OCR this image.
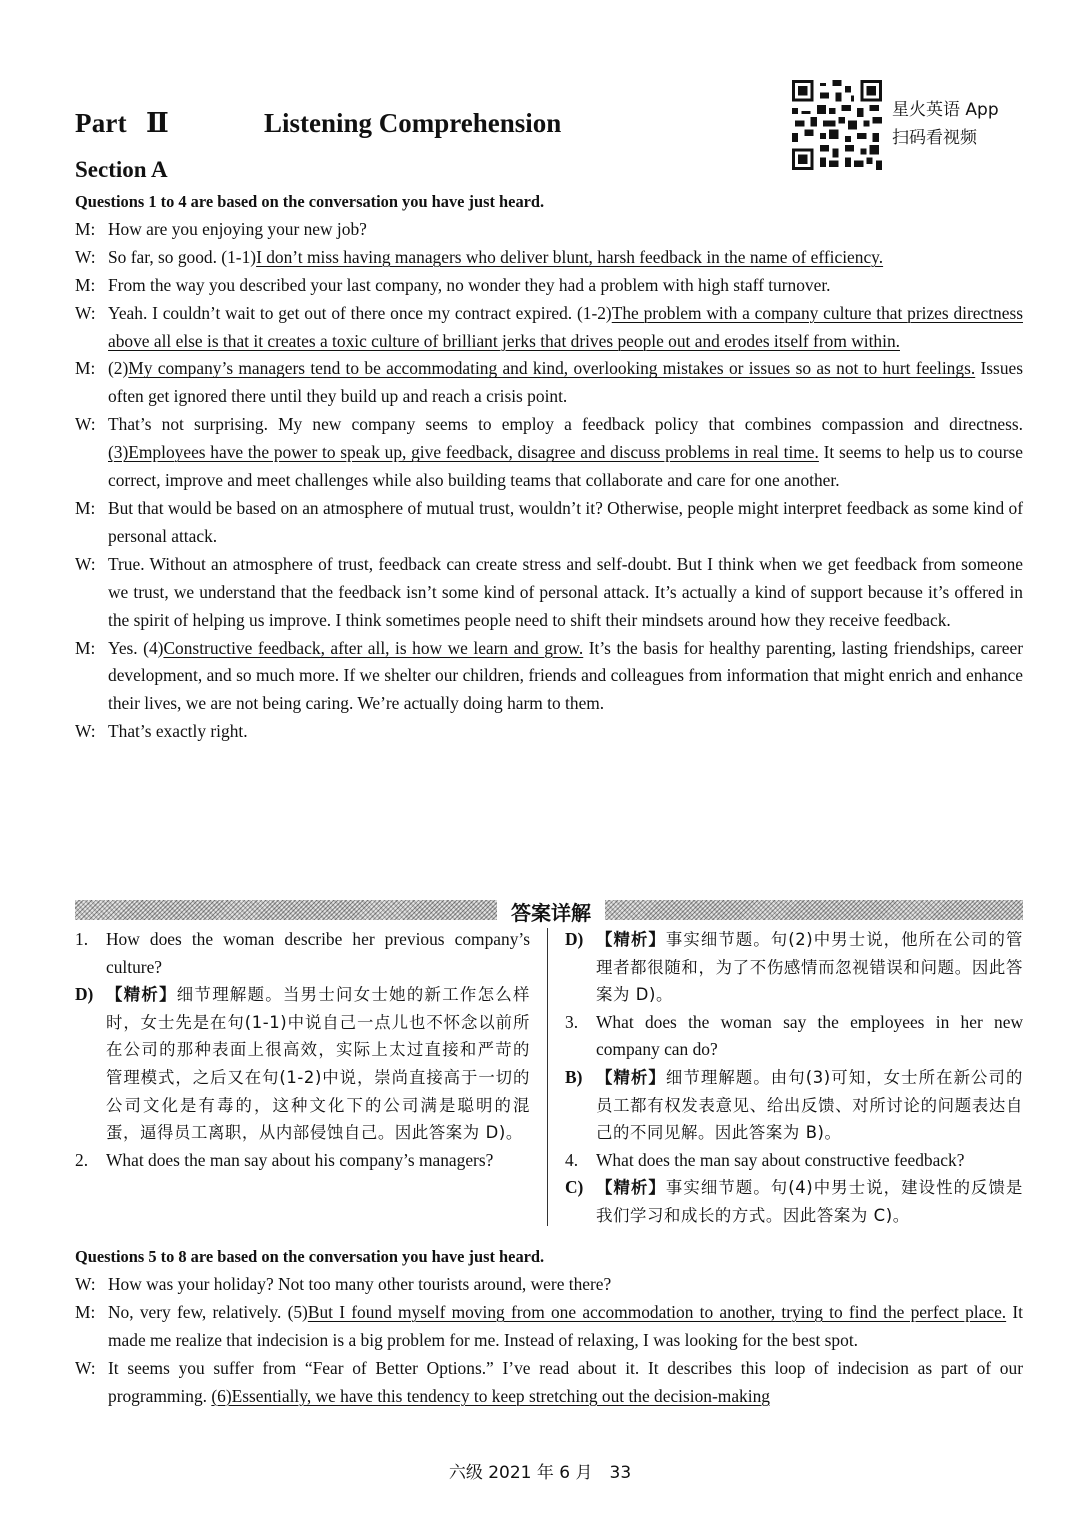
Part Ⅱ	Listening Comprehension
Section A
星火英语 App
扫码看视频
Questions 1 to 4 are based on the conversation you have just heard.
M: How are you enjoying your new job?
W: So far, so good. (1-1)I don’t miss having managers who deliver blunt, harsh feedback in the name of efficiency.
M: From the way you described your last company, no wonder they had a problem with high staff turnover.
W: Yeah. I couldn’t wait to get out of there once my contract expired. (1-2)The problem with a company culture that prizes directness above all else is that it creates a toxic culture of brilliant jerks that drives people out and erodes itself from within.
M: (2)My company’s managers tend to be accommodating and kind, overlooking mistakes or issues so as not to hurt feelings. Issues often get ignored there until they build up and reach a crisis point.
W: That’s not surprising. My new company seems to employ a feedback policy that combines compassion and directness. (3)Employees have the power to speak up, give feedback, disagree and discuss problems in real time. It seems to help us to course correct, improve and meet challenges while also building teams that collaborate and care for one another.
M: But that would be based on an atmosphere of mutual trust, wouldn’t it? Otherwise, people might interpret feedback as some kind of personal attack.
W: True. Without an atmosphere of trust, feedback can create stress and self-doubt. But I think when we get feedback from someone we trust, we understand that the feedback isn’t some kind of personal attack. It’s actually a kind of support because it’s offered in the spirit of helping us improve. I think sometimes people need to shift their mindsets around how they receive feedback.
M: Yes. (4)Constructive feedback, after all, is how we learn and grow. It’s the basis for healthy parenting, lasting friendships, career development, and so much more. If we shelter our children, friends and colleagues from information that might enrich and enhance their lives, we are not being caring. We’re actually doing harm to them.
W: That’s exactly right.
答案详解
1.	How does the woman describe her previous company’s culture?
D) 【精析】细节理解题。当男士问女士她的新工作怎么样时，女士先是在句(1-1)中说自己一点儿也不怀念以前所在公司的那种表面上很高效，实际上太过直接和严苛的管理模式，之后又在句(1-2)中说，崇尚直接高于一切的公司文化是有毒的，这种文化下的公司满是聪明的混蛋，逼得员工离职，从内部侵蚀自己。因此答案为 D)。
2.	What does the man say about his company’s managers?
D) 【精析】事实细节题。句(2)中男士说，他所在公司的管理者都很随和，为了不伤感情而忽视错误和问题。因此答案为 D)。
3.	What does the woman say the employees in her new company can do?
B) 【精析】细节理解题。由句(3)可知，女士所在新公司的员工都有权发表意见、给出反馈、对所讨论的问题表达自己的不同见解。因此答案为 B)。
4.	What does the man say about constructive feedback?
C) 【精析】事实细节题。句(4)中男士说，建设性的反馈是我们学习和成长的方式。因此答案为 C)。
Questions 5 to 8 are based on the conversation you have just heard.
W: How was your holiday? Not too many other tourists around, were there?
M: No, very few, relatively. (5)But I found myself moving from one accommodation to another, trying to find the perfect place. It made me realize that indecision is a big problem for me. Instead of relaxing, I was looking for the best spot.
W: It seems you suffer from “Fear of Better Options.” I’ve read about it. It describes this loop of indecision as part of our programming. (6)Essentially, we have this tendency to keep stretching out the decision-making
六级 2021 年 6 月　33
